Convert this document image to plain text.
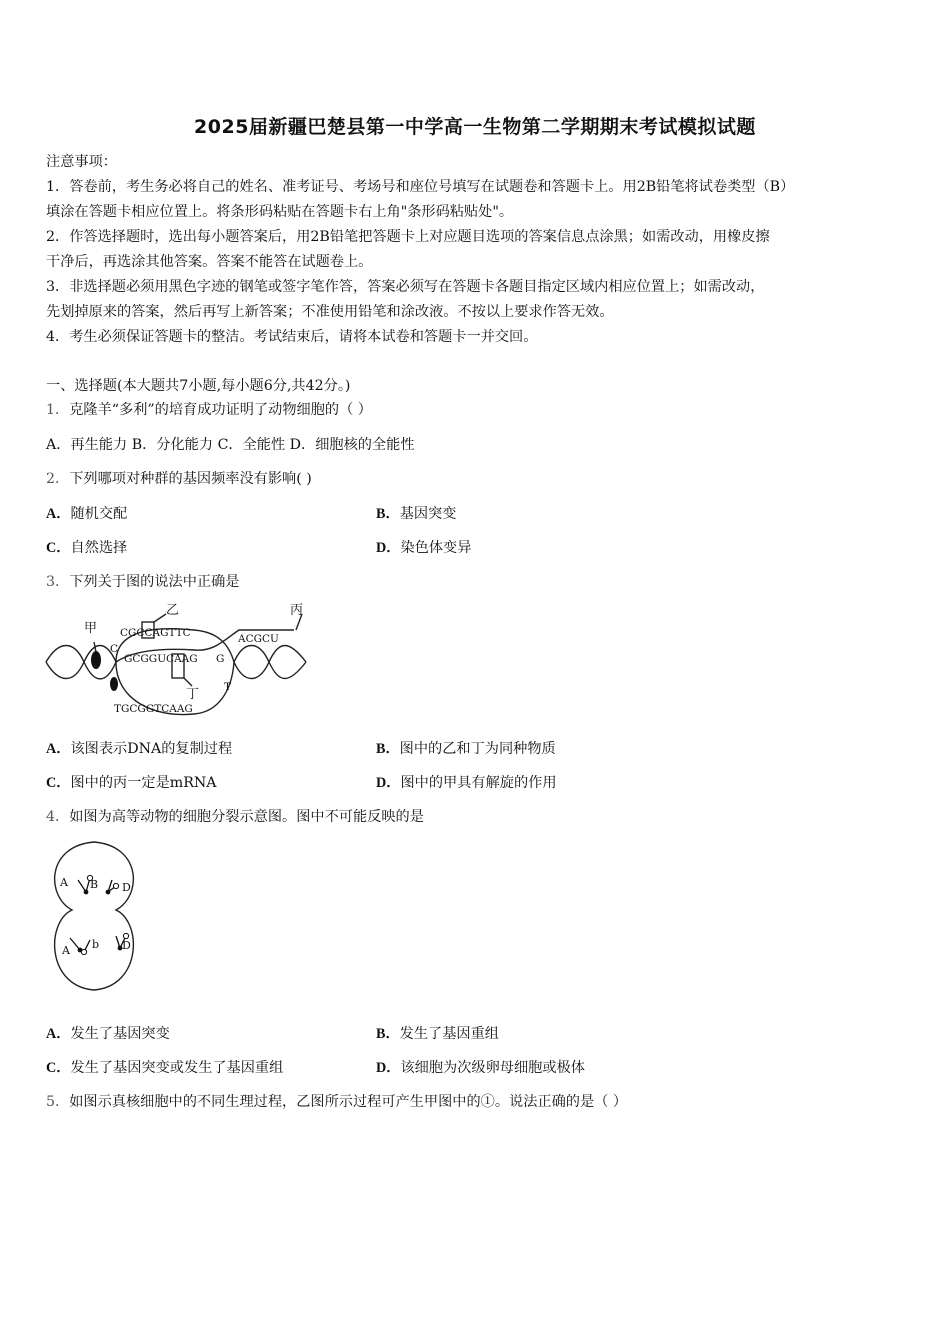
2025届新疆巴楚县第一中学高一生物第二学期期末考试模拟试题
注意事项：
1．答卷前，考生务必将自己的姓名、准考证号、考场号和座位号填写在试题卷和答题卡上。用2B铅笔将试卷类型（B）
填涂在答题卡相应位置上。将条形码粘贴在答题卡右上角"条形码粘贴处"。
2．作答选择题时，选出每小题答案后，用2B铅笔把答题卡上对应题目选项的答案信息点涂黑；如需改动，用橡皮擦
干净后，再选涂其他答案。答案不能答在试题卷上。
3．非选择题必须用黑色字迹的钢笔或签字笔作答，答案必须写在答题卡各题目指定区域内相应位置上；如需改动，
先划掉原来的答案，然后再写上新答案；不准使用铅笔和涂改液。不按以上要求作答无效。
4．考生必须保证答题卡的整洁。考试结束后，请将本试卷和答题卡一并交回。
一、选择题(本大题共7小题,每小题6分,共42分。)
1．克隆羊“多利”的培育成功证明了动物细胞的（ ）
A．再生能力 B．分化能力 C．全能性 D．细胞核的全能性
2．下列哪项对种群的基因频率没有影响( )
A．随机交配	B．基因突变
C．自然选择	D．染色体变异
3．下列关于图的说法中正确是
甲
乙	丙
丁
CGCCAGTTC
C
GCGGUCAAG
TGCGGTCAAG
ACGCU
G
T
A．该图表示DNA的复制过程	B．图中的乙和丁为同种物质
C．图中的丙一定是mRNA	D．图中的甲具有解旋的作用
4．如图为高等动物的细胞分裂示意图。图中不可能反映的是
A B D
A b D
A．发生了基因突变	B．发生了基因重组
C．发生了基因突变或发生了基因重组	D．该细胞为次级卵母细胞或极体
5．如图示真核细胞中的不同生理过程，乙图所示过程可产生甲图中的①。说法正确的是（ ）
